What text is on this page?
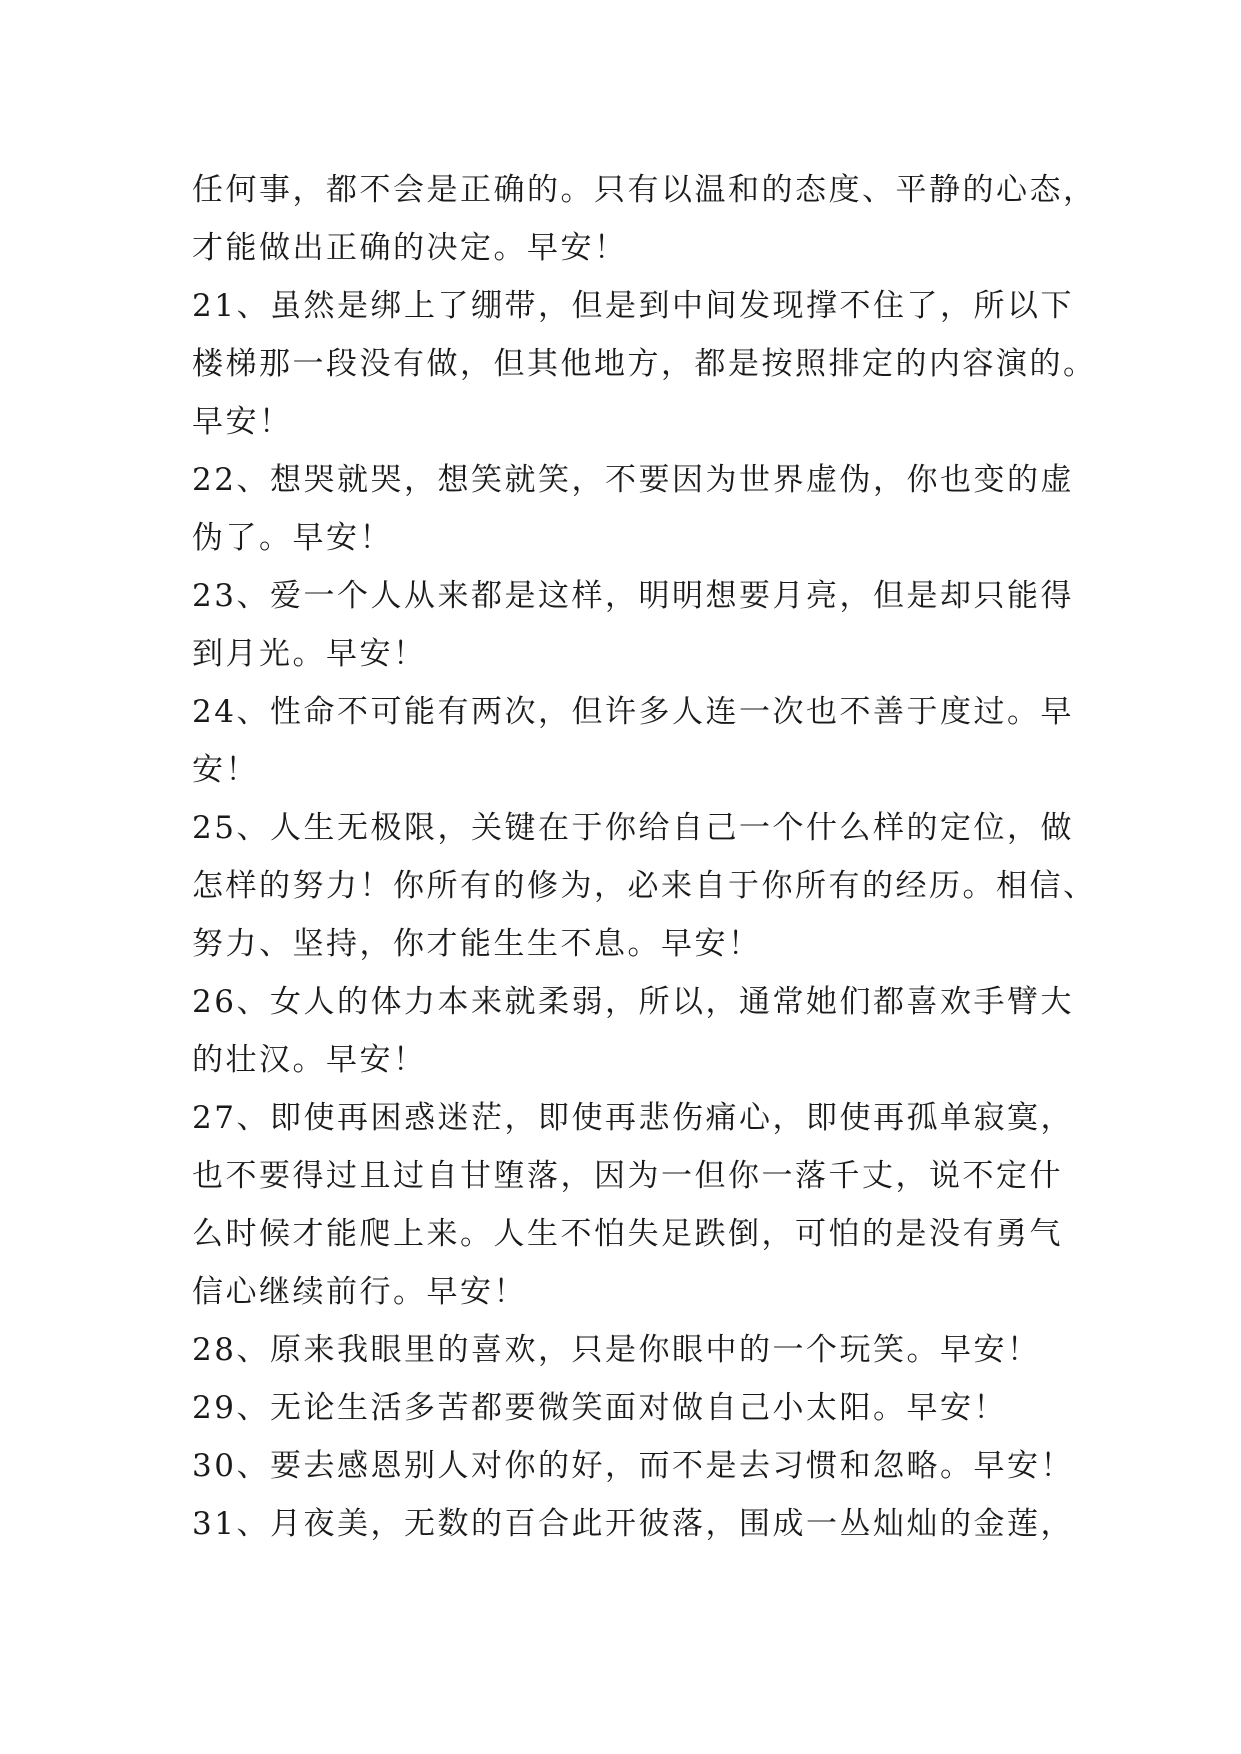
任何事，都不会是正确的。只有以温和的态度、平静的心态，
才能做出正确的决定。早安！
21、虽然是绑上了绷带，但是到中间发现撑不住了，所以下
楼梯那一段没有做，但其他地方，都是按照排定的内容演的。
早安！
22、想哭就哭，想笑就笑，不要因为世界虚伪，你也变的虚
伪了。早安！
23、爱一个人从来都是这样，明明想要月亮，但是却只能得
到月光。早安！
24、性命不可能有两次，但许多人连一次也不善于度过。早
安！
25、人生无极限，关键在于你给自己一个什么样的定位，做
怎样的努力！你所有的修为，必来自于你所有的经历。相信、
努力、坚持，你才能生生不息。早安！
26、女人的体力本来就柔弱，所以，通常她们都喜欢手臂大
的壮汉。早安！
27、即使再困惑迷茫，即使再悲伤痛心，即使再孤单寂寞，
也不要得过且过自甘堕落，因为一但你一落千丈，说不定什
么时候才能爬上来。人生不怕失足跌倒，可怕的是没有勇气
信心继续前行。早安！
28、原来我眼里的喜欢，只是你眼中的一个玩笑。早安！
29、无论生活多苦都要微笑面对做自己小太阳。早安！
30、要去感恩别人对你的好，而不是去习惯和忽略。早安！
31、月夜美，无数的百合此开彼落，围成一丛灿灿的金莲，
